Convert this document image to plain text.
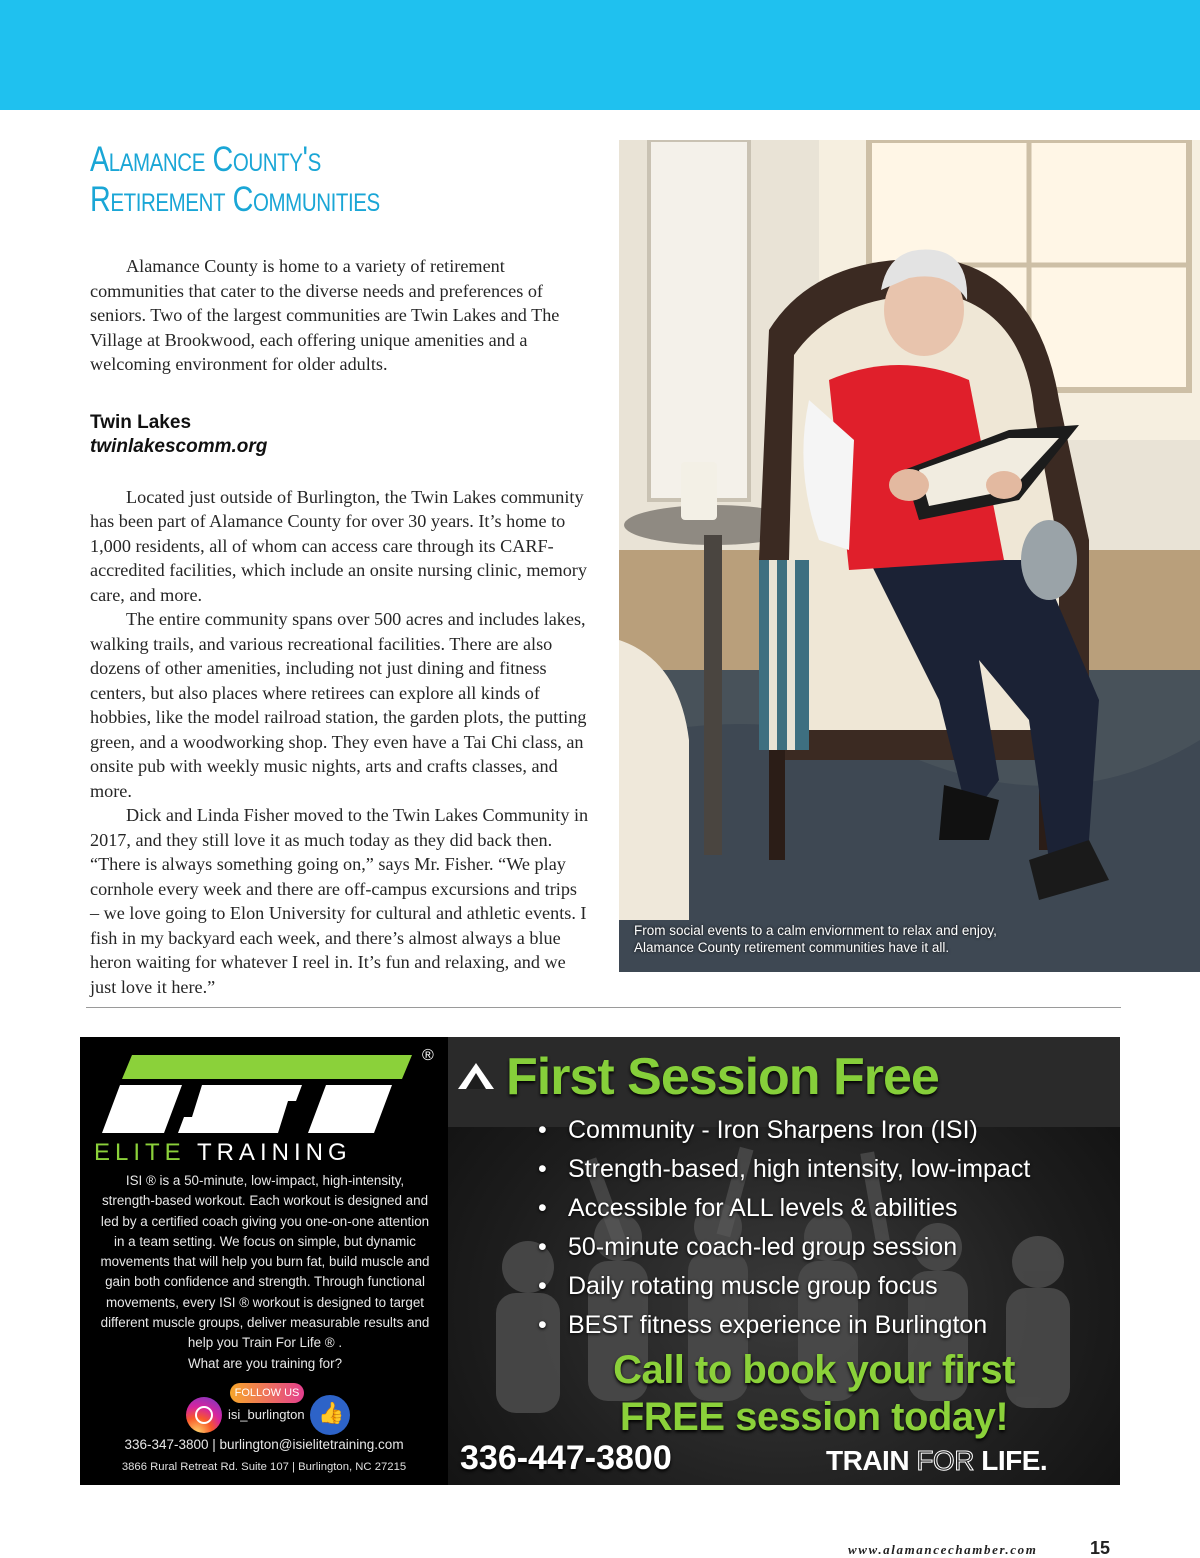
Alamance County's
Retirement Communities

Alamance County is home to a variety of retirement communities that cater to the diverse needs and preferences of seniors. Two of the largest communities are Twin Lakes and The Village at Brookwood, each offering unique amenities and a welcoming environment for older adults.

Twin Lakes
twinlakescomm.org

Located just outside of Burlington, the Twin Lakes community has been part of Alamance County for over 30 years. It’s home to 1,000 residents, all of whom can access care through its CARF-accredited facilities, which include an onsite nursing clinic, memory care, and more.

The entire community spans over 500 acres and includes lakes, walking trails, and various recreational facilities. There are also dozens of other amenities, including not just dining and fitness centers, but also places where retirees can explore all kinds of hobbies, like the model railroad station, the garden plots, the putting green, and a woodworking shop. They even have a Tai Chi class, an onsite pub with weekly music nights, arts and crafts classes, and more.

Dick and Linda Fisher moved to the Twin Lakes Community in 2017, and they still love it as much today as they did back then. “There is always something going on,” says Mr. Fisher. “We play cornhole every week and there are off-campus excursions and trips – we love going to Elon University for cultural and athletic events. I fish in my backyard each week, and there’s almost always a blue heron waiting for whatever I reel in. It’s fun and relaxing, and we just love it here.”

From social events to a calm enviornment to relax and enjoy,
Alamance County retirement communities have it all.
®
ELITE TRAINING
ISI ® is a 50-minute, low-impact, high-intensity,
strength-based workout. Each workout is designed and
led by a certified coach giving you one-on-one attention
in a team setting. We focus on simple, but dynamic
movements that will help you burn fat, build muscle and
gain both confidence and strength. Through functional
movements, every ISI ® workout is designed to target
different muscle groups, deliver measurable results and
help you Train For Life ® .
What are you training for?
FOLLOW US
isi_burlington
👍
336-347-3800 | burlington@isielitetraining.com
3866 Rural Retreat Rd. Suite 107 | Burlington, NC 27215
First Session Free
• Community - Iron Sharpens Iron (ISI)
• Strength-based, high intensity, low-impact
• Accessible for ALL levels & abilities
• 50-minute coach-led group session
• Daily rotating muscle group focus
• BEST fitness experience in Burlington
Call to book your first
FREE session today!
336-447-3800	TRAIN FOR LIFE.
www.alamancechamber.com	15
